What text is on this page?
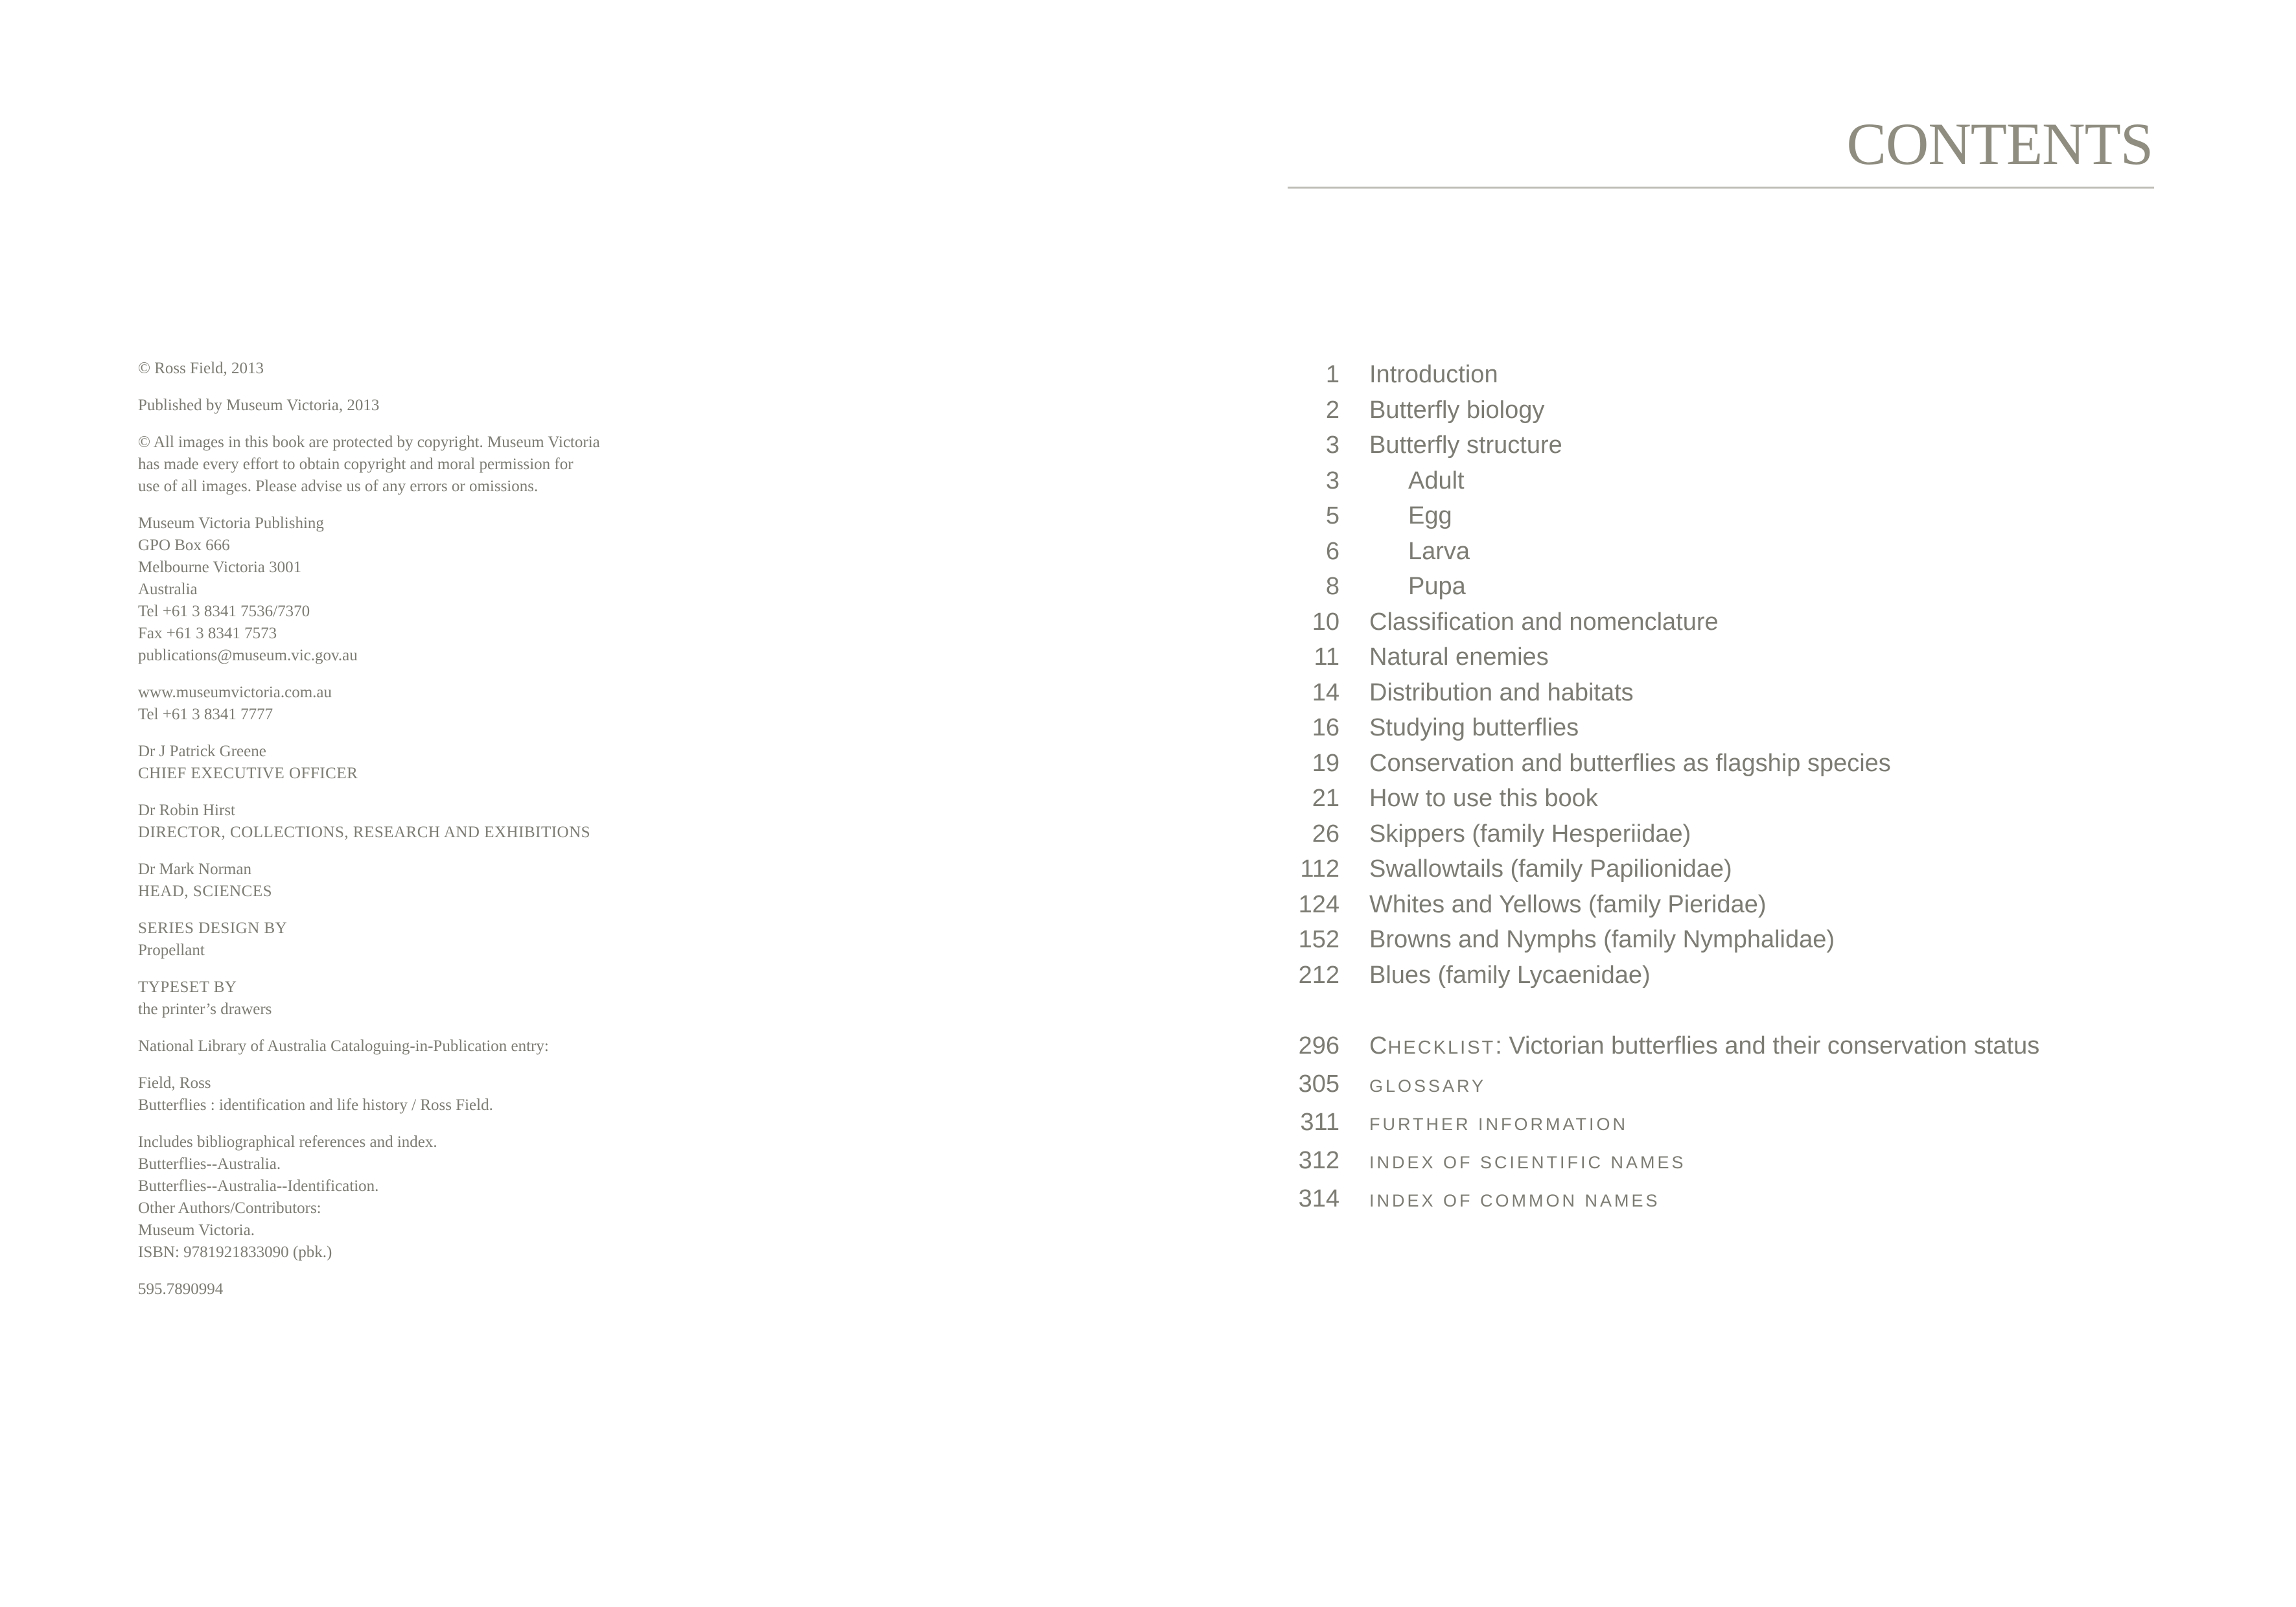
© Ross Field, 2013
Published by Museum Victoria, 2013
© All images in this book are protected by copyright. Museum Victoria
has made every effort to obtain copyright and moral permission for
use of all images. Please advise us of any errors or omissions.
Museum Victoria Publishing
GPO Box 666
Melbourne Victoria 3001
Australia
Tel +61 3 8341 7536/7370
Fax +61 3 8341 7573
publications@museum.vic.gov.au
www.museumvictoria.com.au
Tel +61 3 8341 7777
Dr J Patrick Greene
CHIEF EXECUTIVE OFFICER
Dr Robin Hirst
DIRECTOR, COLLECTIONS, RESEARCH AND EXHIBITIONS
Dr Mark Norman
HEAD, SCIENCES
SERIES DESIGN BY
Propellant
TYPESET BY
the printer’s drawers
National Library of Australia Cataloguing-in-Publication entry:
Field, Ross
Butterflies : identification and life history / Ross Field.
Includes bibliographical references and index.
Butterflies--Australia.
Butterflies--Australia--Identification.
Other Authors/Contributors:
Museum Victoria.
ISBN: 9781921833090 (pbk.)
595.7890994
CONTENTS
1	Introduction
2	Butterfly biology
3	Butterfly structure
3	Adult
5	Egg
6	Larva
8	Pupa
10	Classification and nomenclature
11	Natural enemies
14	Distribution and habitats
16	Studying butterflies
19	Conservation and butterflies as flagship species
21	How to use this book
26	Skippers (family Hesperiidae)
112	Swallowtails (family Papilionidae)
124	Whites and Yellows (family Pieridae)
152	Browns and Nymphs (family Nymphalidae)
212	Blues (family Lycaenidae)
296	CHECKLIST: Victorian butterflies and their conservation status
305	GLOSSARY
311	FURTHER INFORMATION
312	INDEX OF SCIENTIFIC NAMES
314	INDEX OF COMMON NAMES
